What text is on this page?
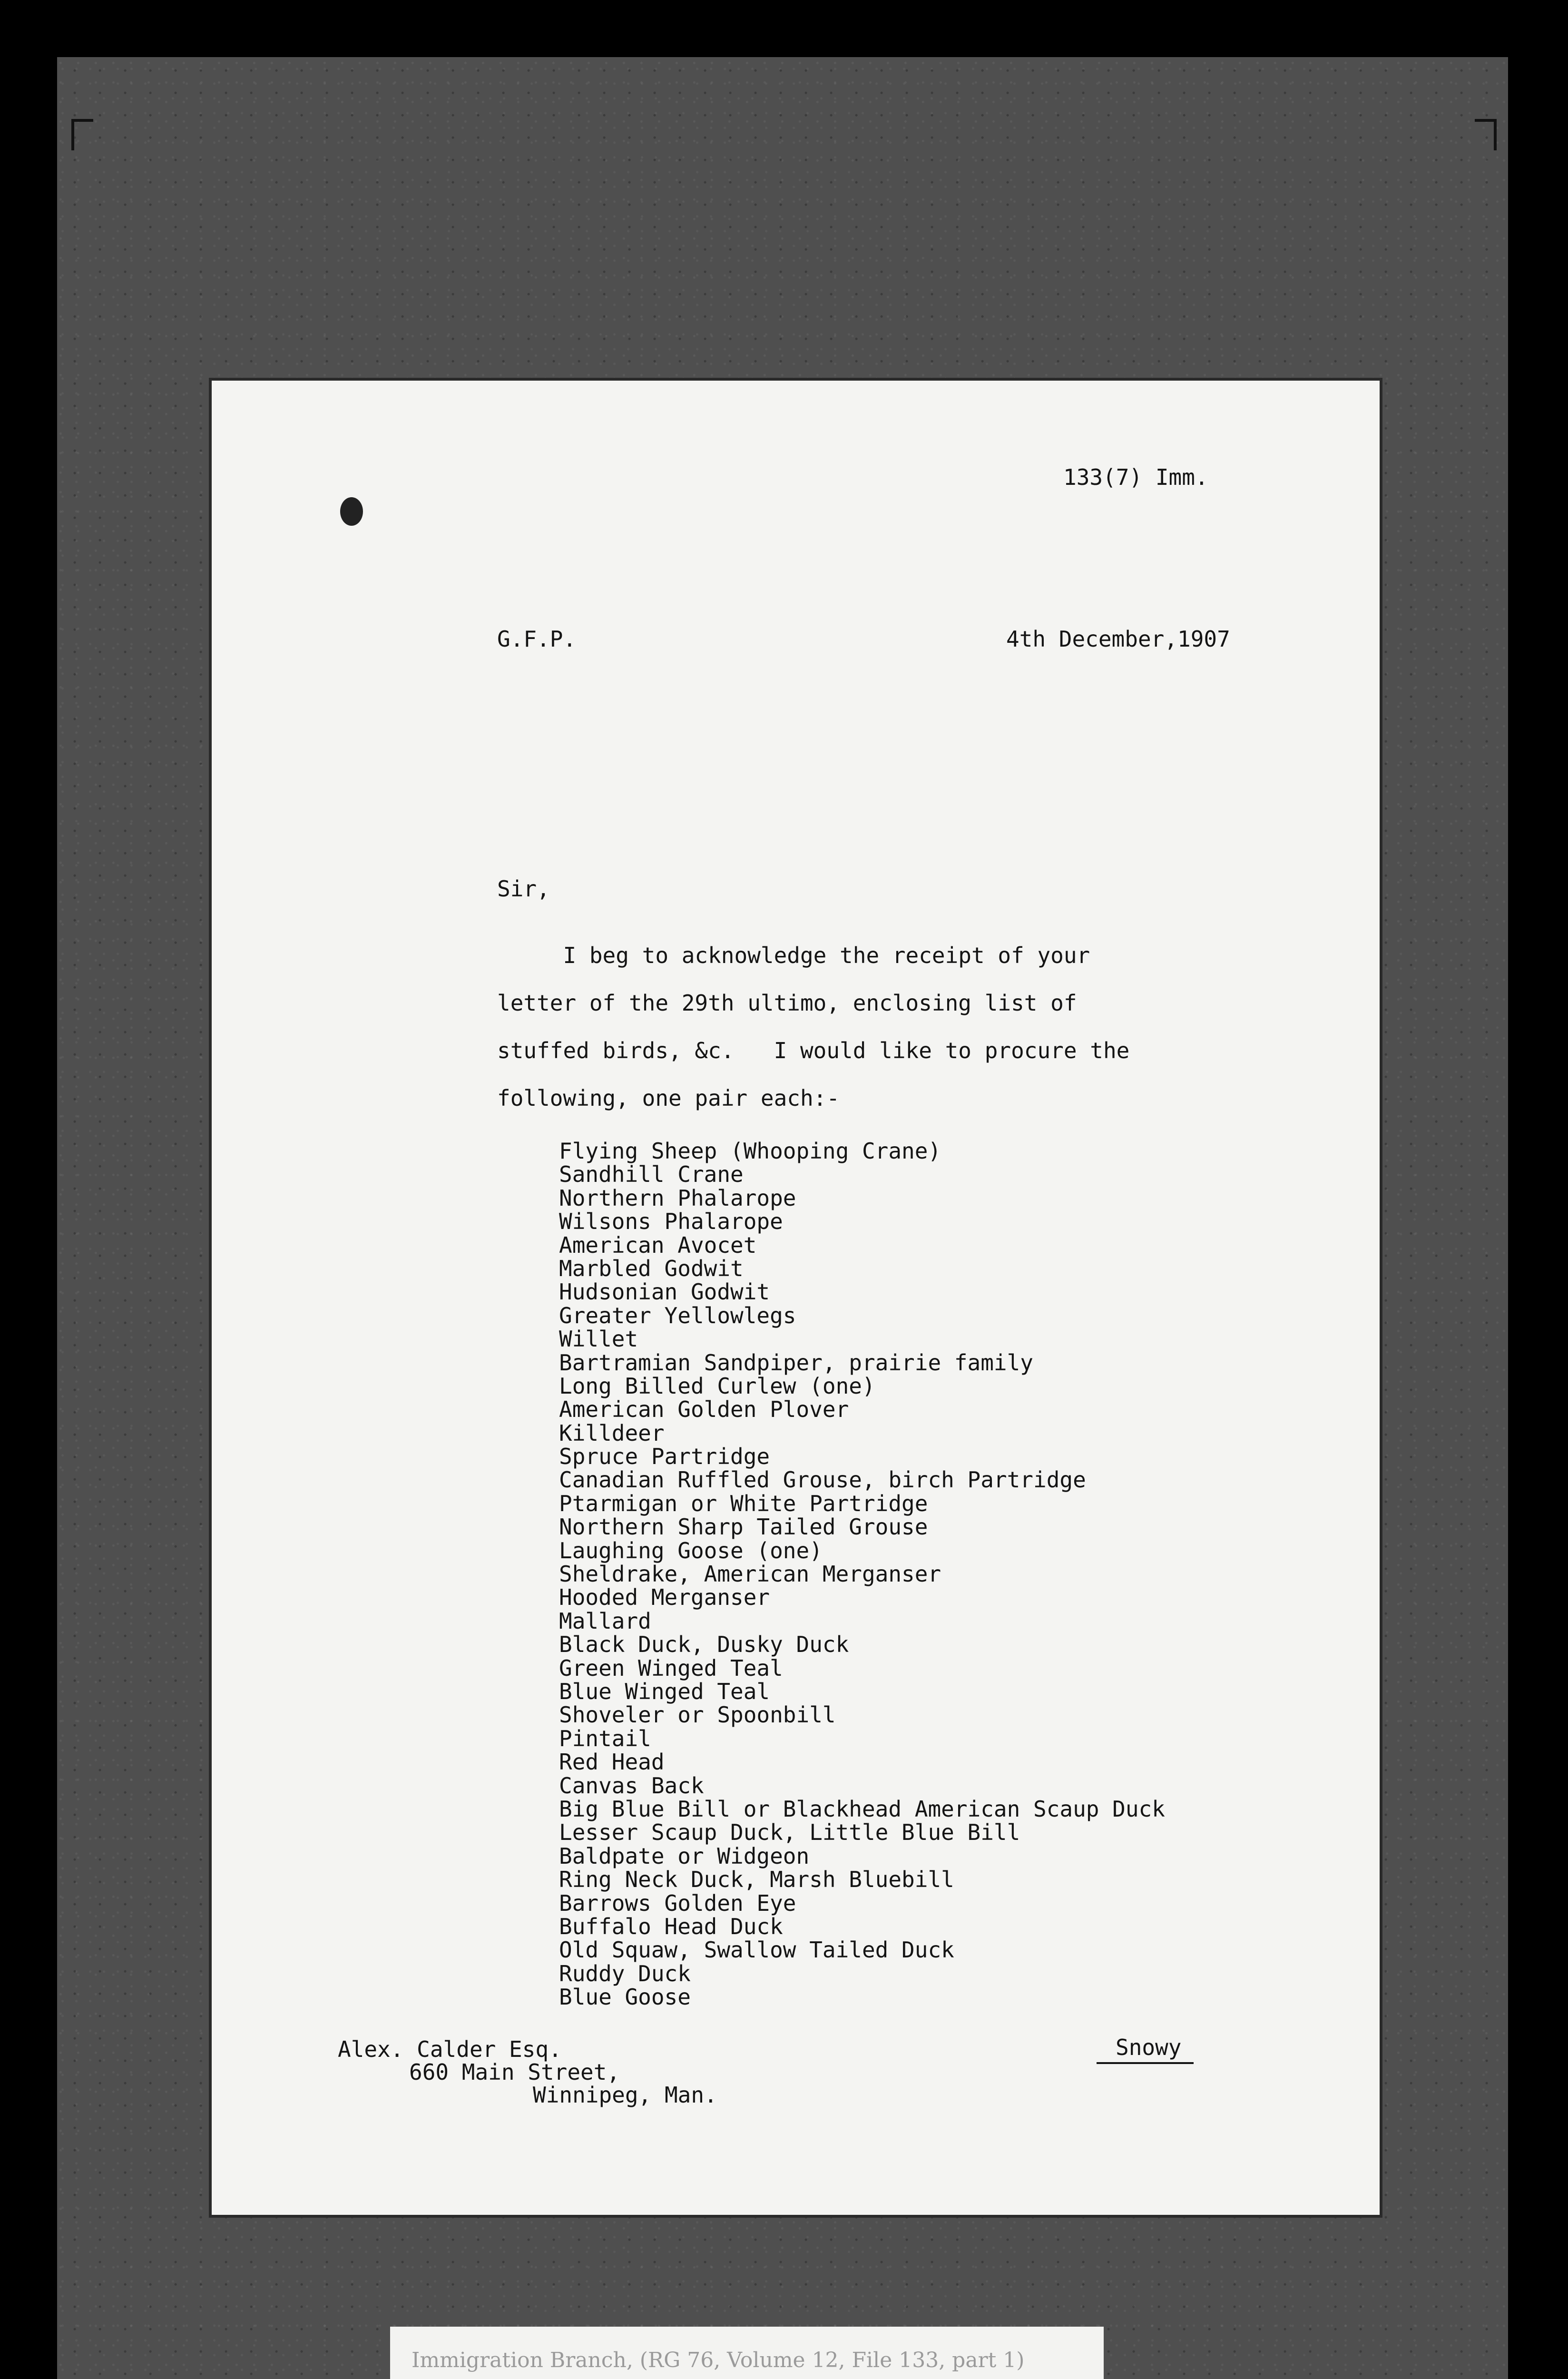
133(7) Imm.
G.F.P.	4th December,1907
Sir,
I beg to acknowledge the receipt of your
letter of the 29th ultimo, enclosing list of
stuffed birds, &c.   I would like to procure the
following, one pair each:-
Flying Sheep (Whooping Crane)
Sandhill Crane
Northern Phalarope
Wilsons Phalarope
American Avocet
Marbled Godwit
Hudsonian Godwit
Greater Yellowlegs
Willet
Bartramian Sandpiper, prairie family
Long Billed Curlew (one)
American Golden Plover
Killdeer
Spruce Partridge
Canadian Ruffled Grouse, birch Partridge
Ptarmigan or White Partridge
Northern Sharp Tailed Grouse
Laughing Goose (one)
Sheldrake, American Merganser
Hooded Merganser
Mallard
Black Duck, Dusky Duck
Green Winged Teal
Blue Winged Teal
Shoveler or Spoonbill
Pintail
Red Head
Canvas Back
Big Blue Bill or Blackhead American Scaup Duck
Lesser Scaup Duck, Little Blue Bill
Baldpate or Widgeon
Ring Neck Duck, Marsh Bluebill
Barrows Golden Eye
Buffalo Head Duck
Old Squaw, Swallow Tailed Duck
Ruddy Duck
Blue Goose
Alex. Calder Esq.
660 Main Street,
Winnipeg, Man.
Snowy
Immigration Branch, (RG 76, Volume 12, File 133, part 1)
